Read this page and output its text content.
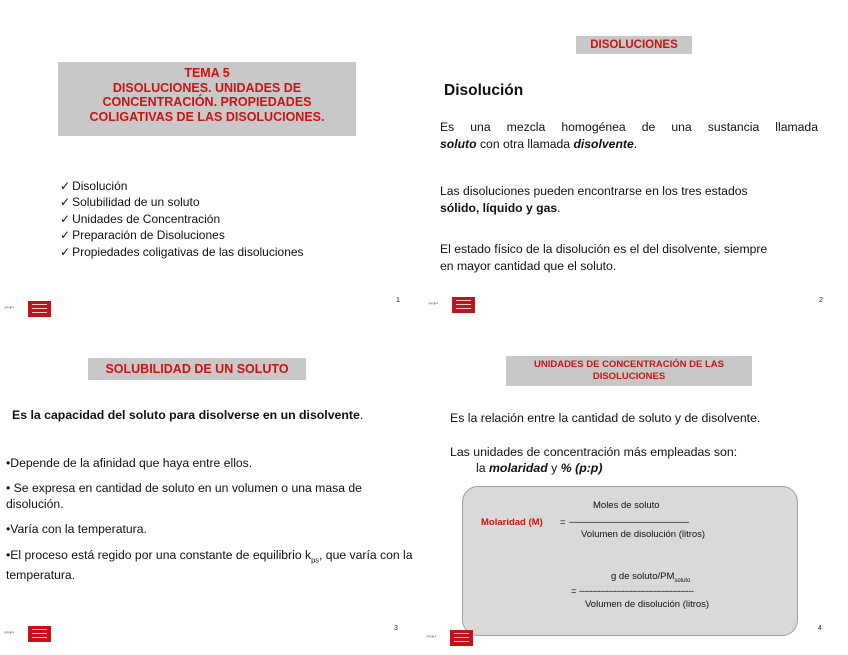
TEMA 5
DISOLUCIONES. UNIDADES DE
CONCENTRACIÓN. PROPIEDADES
COLIGATIVAS DE LAS DISOLUCIONES.
✓ Disolución
✓ Solubilidad de un soluto
✓ Unidades de Concentración
✓ Preparación de Disoluciones
✓ Propiedades coligativas de las disoluciones
ᵤₙᵢᵥₑᵣₛ
1
DISOLUCIONES
Disolución

Es una mezcla homogénea de una sustancia llamada
soluto con otra llamada disolvente.

Las disoluciones pueden encontrarse en los tres estados
sólido, líquido y gas.

El estado físico de la disolución es el del disolvente, siempre
en mayor cantidad que el soluto.

ᵤₙᵢᵥₑᵣₛ	2
SOLUBILIDAD DE UN SOLUTO
Es la capacidad del soluto para disolverse en un disolvente.

•Depende de la afinidad que haya entre ellos.

• Se expresa en cantidad de soluto en un volumen o una masa de disolución.

•Varía con la temperatura.

•El proceso está regido por una constante de equilibrio $k_{ps}$, que varía con la temperatura.

ᵤₙᵢᵥₑᵣₛ	3
UNIDADES DE CONCENTRACIÓN DE LAS
DISOLUCIONES

Es la relación entre la cantidad de soluto y de disolvente.

Las unidades de concentración más empleadas son:
la molaridad y % (p:p)

Moles de soluto
Molaridad (M) = ---------------------------------------------
Volumen de disolución (litros)
g de soluto/$PM_{soluto}$
= -------------------------------------------
Volumen de disolución (litros)
ᵤₙᵢᵥₑᵣₛ
4
